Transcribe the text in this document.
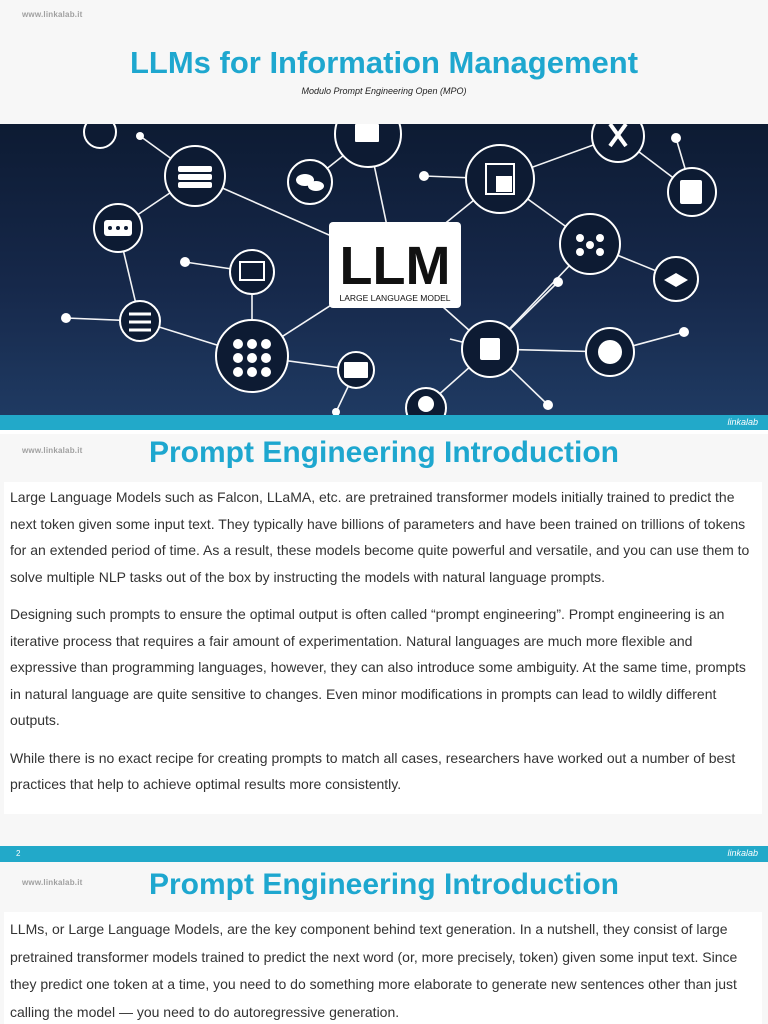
www.linkalab.it
LLMs for Information Management
Modulo Prompt Engineering Open (MPO)
LLM
LARGE LANGUAGE MODEL
linkalab
www.linkalab.it	Prompt Engineering Introduction

Large Language Models such as Falcon, LLaMA, etc. are pretrained transformer models initially trained to predict the next token given some input text. They typically have billions of parameters and have been trained on trillions of tokens for an extended period of time. As a result, these models become quite powerful and versatile, and you can use them to solve multiple NLP tasks out of the box by instructing the models with natural language prompts.

Designing such prompts to ensure the optimal output is often called “prompt engineering”. Prompt engineering is an iterative process that requires a fair amount of experimentation. Natural languages are much more flexible and expressive than programming languages, however, they can also introduce some ambiguity. At the same time, prompts in natural language are quite sensitive to changes. Even minor modifications in prompts can lead to wildly different outputs.

While there is no exact recipe for creating prompts to match all cases, researchers have worked out a number of best practices that help to achieve optimal results more consistently.

2	linkalab
www.linkalab.it	Prompt Engineering Introduction

LLMs, or Large Language Models, are the key component behind text generation. In a nutshell, they consist of large pretrained transformer models trained to predict the next word (or, more precisely, token) given some input text. Since they predict one token at a time, you need to do something more elaborate to generate new sentences other than just calling the model — you need to do autoregressive generation.
